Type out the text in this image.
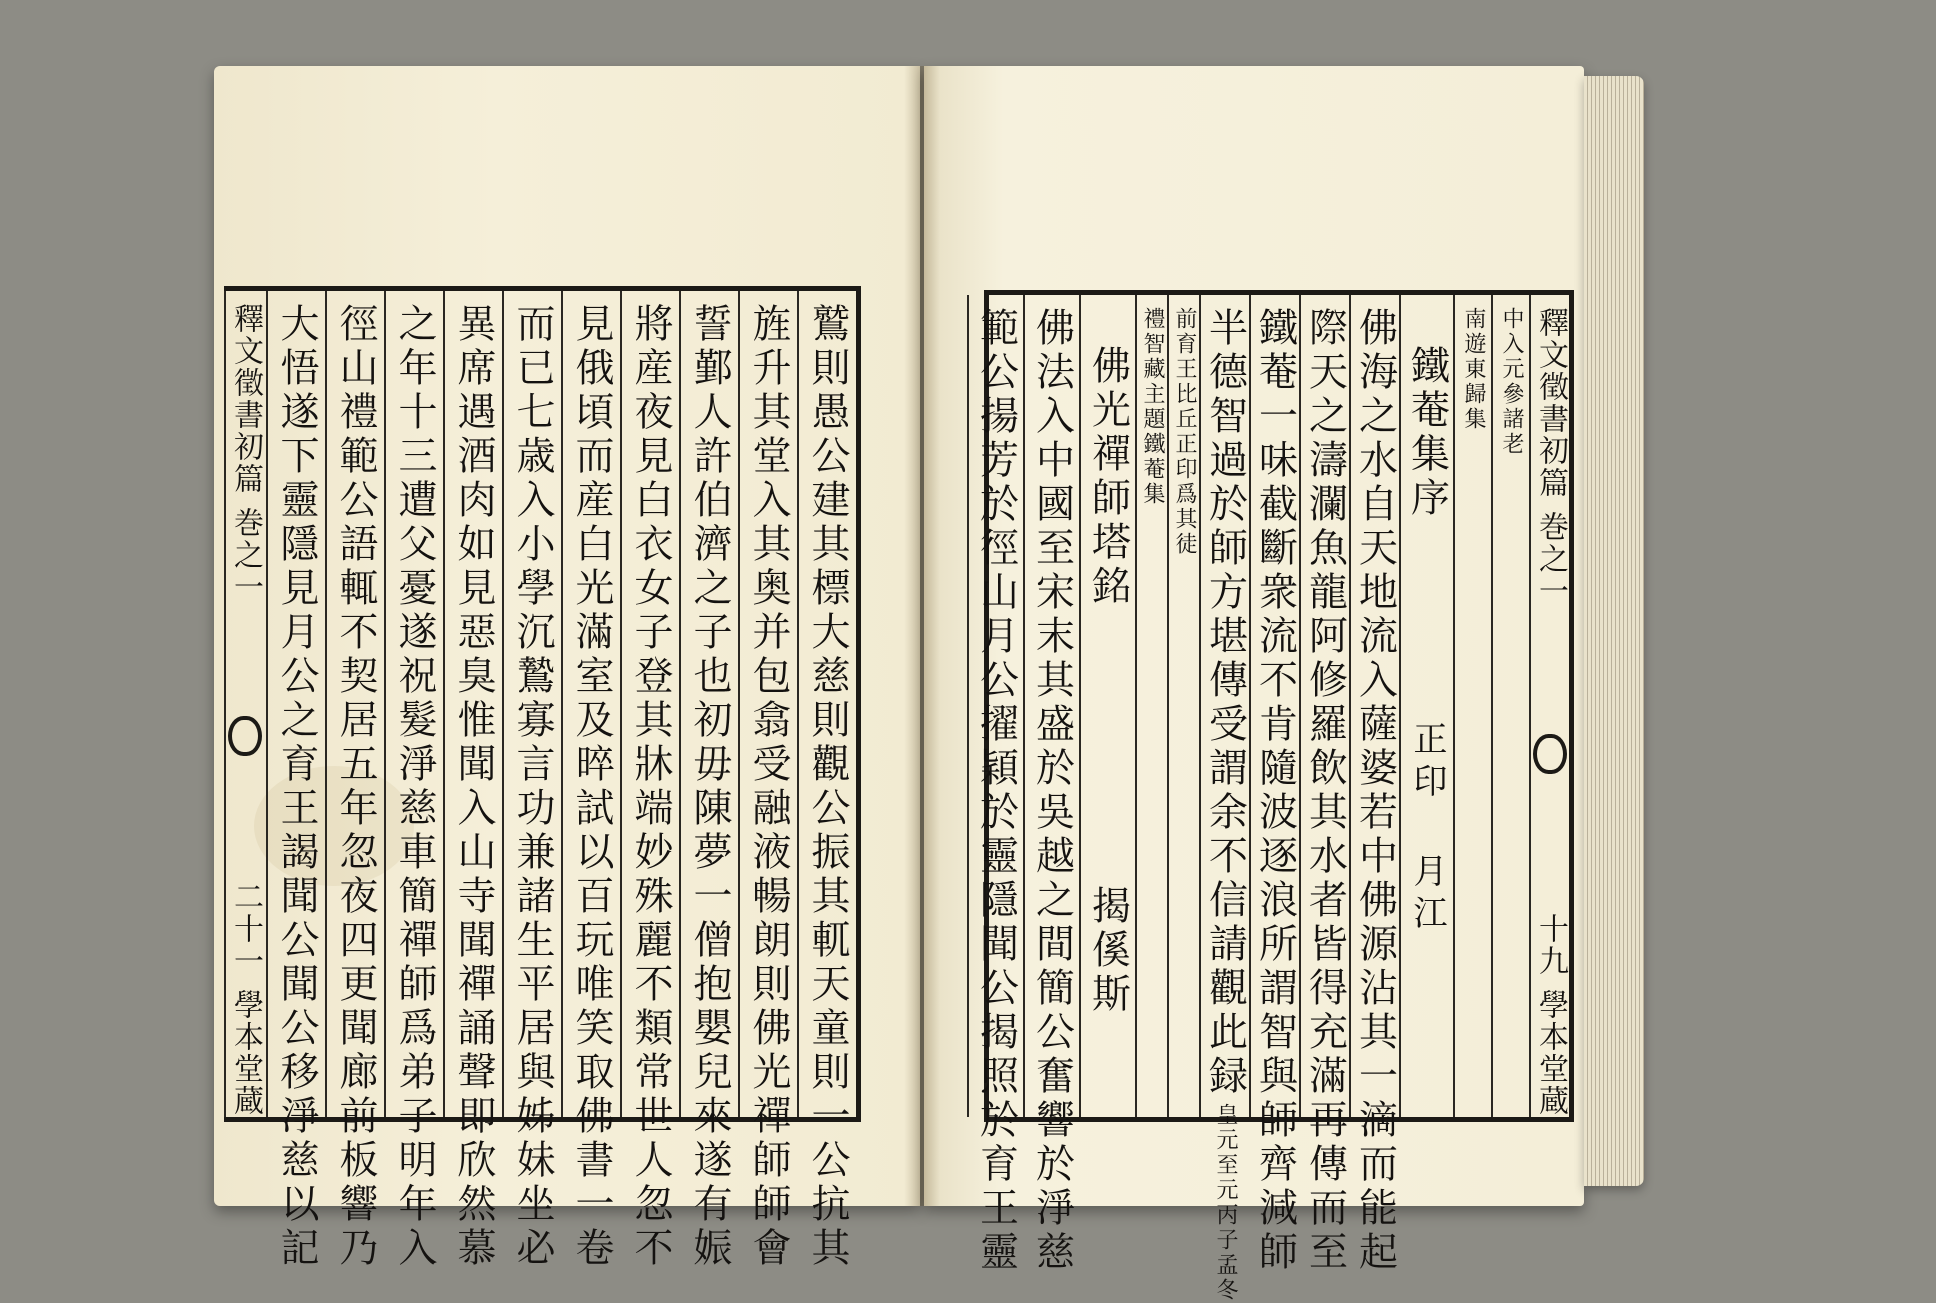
鷲則愚公建其標大慈則觀公振其軏天童則一公抗其
旌升其堂入其奥并包翕受融液暢朗則佛光禪師師會
誓鄞人許伯濟之子也初毋陳夢一僧抱嬰兒來遂有娠
將産夜見白衣女子登其牀端妙殊麗不類常世人忽不
見俄頃而産白光滿室及晬試以百玩唯笑取佛書一卷
而已七歳入小學沉鷙寡言功兼諸生平居與姊妹坐必
異席遇酒肉如見惡臭惟聞入山寺聞禪誦聲即欣然慕
之年十三遭父憂遂祝髮淨慈車簡禪師爲弟子明年入
徑山禮範公語輒不契居五年忽夜四更聞廊前板響乃
大悟遂下靈隱見月公之育王謁聞公聞公移淨慈以記
釋文徵書初篇
巻之一
二十一
學本堂蔵
釋文徵書初篇
巻之一
十九
學本堂蔵
中入元參諸老
南遊東歸集
鐵菴集序
正印 月江
佛海之水自天地流入薩婆若中佛源沾其一滴而能起
際天之濤瀾魚龍阿修羅飲其水者皆得充滿再傳而至
鐵菴一味截斷衆流不肯隨波逐浪所謂智與師齊減師
半德智過於師方堪傳受謂余不信請觀此録
皇元至元丙子孟冬
前育王比丘正印爲其徒
禮智藏主題鐵菴集
佛光禪師塔銘
揭傒斯
佛法入中國至宋末其盛於吳越之間簡公奮響於淨慈
範公揚芳於徑山月公擢穎於靈隱聞公揭照於育王靈
